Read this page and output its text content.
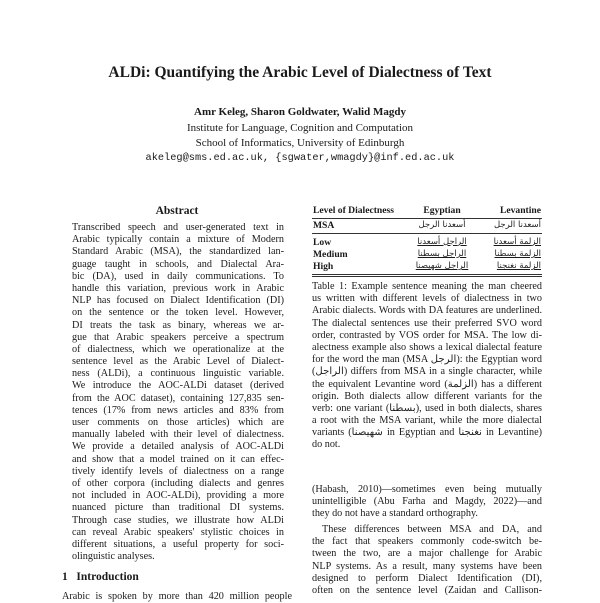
ALDi: Quantifying the Arabic Level of Dialectness of Text
Amr Keleg, Sharon Goldwater, Walid Magdy
Institute for Language, Cognition and Computation
School of Informatics, University of Edinburgh
akeleg@sms.ed.ac.uk, {sgwater,wmagdy}@inf.ed.ac.uk
Abstract
Transcribed speech and user-generated text in
Arabic typically contain a mixture of Modern
Standard Arabic (MSA), the standardized lan-
guage taught in schools, and Dialectal Ara-
bic (DA), used in daily communications. To
handle this variation, previous work in Arabic
NLP has focused on Dialect Identification (DI)
on the sentence or the token level. However,
DI treats the task as binary, whereas we ar-
gue that Arabic speakers perceive a spectrum
of dialectness, which we operationalize at the
sentence level as the Arabic Level of Dialect-
ness (ALDi), a continuous linguistic variable.
We introduce the AOC-ALDi dataset (derived
from the AOC dataset), containing 127,835 sen-
tences (17% from news articles and 83% from
user comments on those articles) which are
manually labeled with their level of dialectness.
We provide a detailed analysis of AOC-ALDi
and show that a model trained on it can effec-
tively identify levels of dialectness on a range
of other corpora (including dialects and genres
not included in AOC-ALDi), providing a more
nuanced picture than traditional DI systems.
Through case studies, we illustrate how ALDi
can reveal Arabic speakers' stylistic choices in
different situations, a useful property for soci-
olinguistic analyses.
1   Introduction
Arabic is spoken by more than 420 million people
Level of Dialectness	Egyptian	Levantine
MSA	أسعدنا الرجل	أسعدنا الرجل
Low	الراجل أسعدنا	الزلمة أسعدنا
Medium	الراجل بسطنا	الزلمة بسطنا
High	الراجل شهيصنا	الزلمة نغنجنا
Table 1: Example sentence meaning the man cheered
us written with different levels of dialectness in two
Arabic dialects. Words with DA features are underlined.
The dialectal sentences use their preferred SVO word
order, contrasted by VOS order for MSA. The low di-
alectness example also shows a lexical dialectal feature
for the word the man (MSA الرجل): the Egyptian word
(الراجل) differs from MSA in a single character, while
the equivalent Levantine word (الزلمة) has a different
origin. Both dialects allow different variants for the
verb: one variant (بسطنا), used in both dialects, shares
a root with the MSA variant, while the more dialectal
variants (شهيصنا in Egyptian and نغنجنا in Levantine)
do not.
(Habash, 2010)—sometimes even being mutually
unintelligible (Abu Farha and Magdy, 2022)—and
they do not have a standard orthography.
These differences between MSA and DA, and
the fact that speakers commonly code-switch be-
tween the two, are a major challenge for Arabic
NLP systems. As a result, many systems have been
designed to perform Dialect Identification (DI),
often on the sentence level (Zaidan and Callison-
